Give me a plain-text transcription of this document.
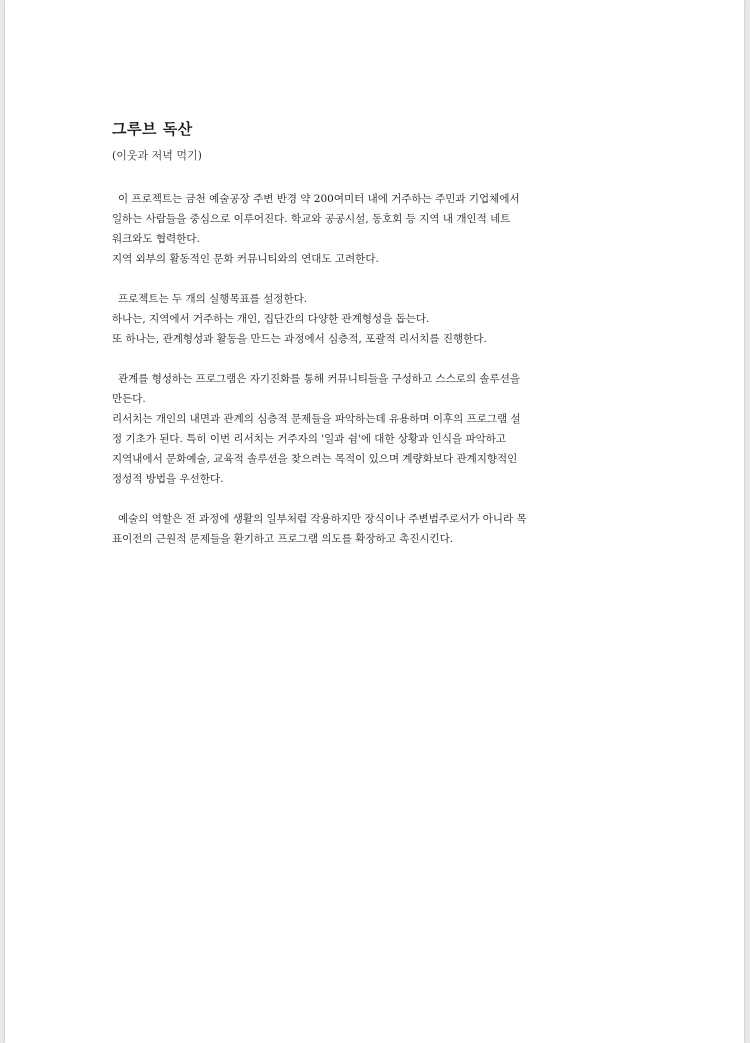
그루브 독산

(이웃과 저녁 먹기)

이 프로젝트는 금천 예술공장 주변 반경 약 200여미터 내에 거주하는 주민과 기업체에서
일하는 사람들을 중심으로 이루어진다. 학교와 공공시설, 동호회 등 지역 내 개인적 네트
워크와도 협력한다.
지역 외부의 활동적인 문화 커뮤니티와의 연대도 고려한다.

프로젝트는 두 개의 실행목표를 설정한다.
하나는, 지역에서 거주하는 개인, 집단간의 다양한 관계형성을 돕는다.
또 하나는, 관계형성과 활동을 만드는 과정에서 심층적, 포괄적 리서치를 진행한다.

관계를 형성하는 프로그램은 자기진화를 통해 커뮤니티들을 구성하고 스스로의 솔루션을
만든다.
리서치는 개인의 내면과 관계의 심층적 문제들을 파악하는데 유용하며 이후의 프로그램 설
정 기초가 된다. 특히 이번 리서치는 거주자의 '일과 쉼'에 대한 상황과 인식을 파악하고
지역내에서 문화예술, 교육적 솔루션을 찾으려는 목적이 있으며 계량화보다 관계지향적인
정성적 방법을 우선한다.

예술의 역할은 전 과정에 생활의 일부처럼 작용하지만 장식이나 주변범주로서가 아니라 목
표이전의 근원적 문제들을 환기하고 프로그램 의도를 확장하고 촉진시킨다.
